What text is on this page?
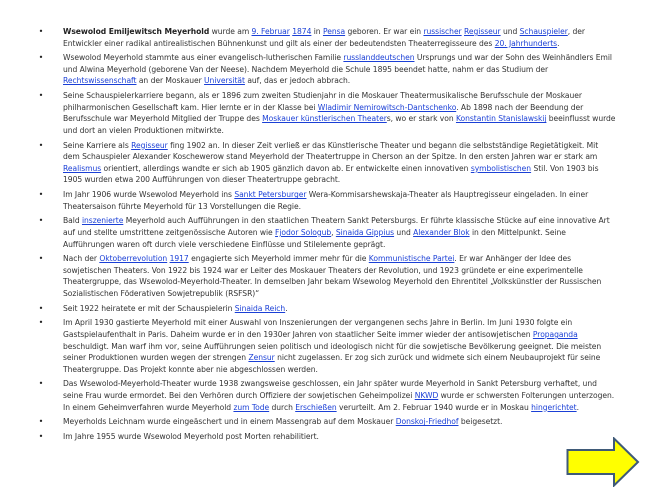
•	Wsewolod Emiljewitsch Meyerhold wurde am 9. Februar 1874 in Pensa geboren. Er war ein russischer Regisseur und Schauspieler, der Entwickler einer radikal antirealistischen Bühnenkunst und gilt als einer der bedeutendsten Theaterregisseure des 20. Jahrhunderts.
•	Wsewolod Meyerhold stammte aus einer evangelisch-lutherischen Familie russlanddeutschen Ursprungs und war der Sohn des Weinhändlers Emil und Alwina Meyerhold (geborene Van der Neese). Nachdem Meyerhold die Schule 1895 beendet hatte, nahm er das Studium der Rechtswissenschaft an der Moskauer Universität auf, das er jedoch abbrach.
•	Seine Schauspielerkarriere begann, als er 1896 zum zweiten Studienjahr in die Moskauer Theatermusikalische Berufsschule der Moskauer philharmonischen Gesellschaft kam. Hier lernte er in der Klasse bei Wladimir Nemirowitsch-Dantschenko. Ab 1898 nach der Beendung der Berufsschule war Meyerhold Mitglied der Truppe des Moskauer künstlerischen Theaters, wo er stark von Konstantin Stanislawskij beeinflusst wurde und dort an vielen Produktionen mitwirkte.
•	Seine Karriere als Regisseur fing 1902 an. In dieser Zeit verließ er das Künstlerische Theater und begann die selbstständige Regietätigkeit. Mit dem Schauspieler Alexander Koschewerow stand Meyerhold der Theatertruppe in Cherson an der Spitze. In den ersten Jahren war er stark am Realismus orientiert, allerdings wandte er sich ab 1905 gänzlich davon ab. Er entwickelte einen innovativen symbolistischen Stil. Von 1903 bis 1905 wurden etwa 200 Aufführungen von dieser Theatertruppe gebracht.
•	Im Jahr 1906 wurde Wsewolod Meyerhold ins Sankt Petersburger Wera-Kommisarshewskaja-Theater als Hauptregisseur eingeladen. In einer Theatersaison führte Meyerhold für 13 Vorstellungen die Regie.
•	Bald inszenierte Meyerhold auch Aufführungen in den staatlichen Theatern Sankt Petersburgs. Er führte klassische Stücke auf eine innovative Art auf und stellte umstrittene zeitgenössische Autoren wie Fjodor Sologub, Sinaida Gippius und Alexander Blok in den Mittelpunkt. Seine Aufführungen waren oft durch viele verschiedene Einflüsse und Stilelemente geprägt.
•	Nach der Oktoberrevolution 1917 engagierte sich Meyerhold immer mehr für die Kommunistische Partei. Er war Anhänger der Idee des sowjetischen Theaters. Von 1922 bis 1924 war er Leiter des Moskauer Theaters der Revolution, und 1923 gründete er eine experimentelle Theatergruppe, das Wsewolod-Meyerhold-Theater. In demselben Jahr bekam Wsewolog Meyerhold den Ehrentitel „Volkskünstler der Russischen Sozialistischen Föderativen Sowjetrepublik (RSFSR)“
•	Seit 1922 heiratete er mit der Schauspielerin Sinaida Reich.
•	Im April 1930 gastierte Meyerhold mit einer Auswahl von Inszenierungen der vergangenen sechs Jahre in Berlin. Im Juni 1930 folgte ein Gastspielaufenthalt in Paris. Daheim wurde er in den 1930er Jahren von staatlicher Seite immer wieder der antisowjetischen Propaganda beschuldigt. Man warf ihm vor, seine Aufführungen seien politisch und ideologisch nicht für die sowjetische Bevölkerung geeignet. Die meisten seiner Produktionen wurden wegen der strengen Zensur nicht zugelassen. Er zog sich zurück und widmete sich einem Neubauprojekt für seine Theatergruppe. Das Projekt konnte aber nie abgeschlossen werden.
•	Das Wsewolod-Meyerhold-Theater wurde 1938 zwangsweise geschlossen, ein Jahr später wurde Meyerhold in Sankt Petersburg verhaftet, und seine Frau wurde ermordet. Bei den Verhören durch Offiziere der sowjetischen Geheimpolizei NKWD wurde er schwersten Folterungen unterzogen. In einem Geheimverfahren wurde Meyerhold zum Tode durch Erschießen verurteilt. Am 2. Februar 1940 wurde er in Moskau hingerichtet.
•	Meyerholds Leichnam wurde eingeäschert und in einem Massengrab auf dem Moskauer Donskoj-Friedhof beigesetzt.
•	Im Jahre 1955 wurde Wsewolod Meyerhold post Morten rehabilitiert.
